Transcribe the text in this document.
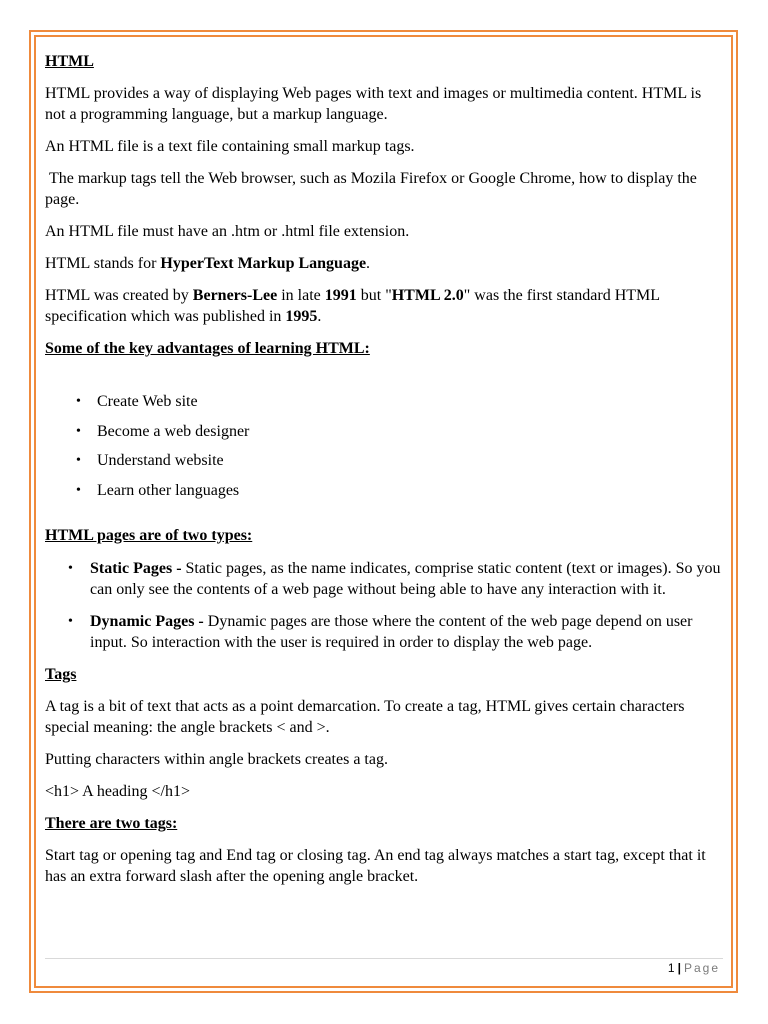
HTML

HTML provides a way of displaying Web pages with text and images or multimedia content. HTML is not a programming language, but a markup language.

An HTML file is a text file containing small markup tags.

The markup tags tell the Web browser, such as Mozila Firefox or Google Chrome, how to display the page.

An HTML file must have an .htm or .html file extension.

HTML stands for HyperText Markup Language.

HTML was created by Berners-Lee in late 1991 but "HTML 2.0" was the first standard HTML specification which was published in 1995.

Some of the key advantages of learning HTML:

• Create Web site
• Become a web designer
• Understand website
• Learn other languages
HTML pages are of two types:
• Static Pages - Static pages, as the name indicates, comprise static content (text or images). So you can only see the contents of a web page without being able to have any interaction with it.
• Dynamic Pages - Dynamic pages are those where the content of the web page depend on user input. So interaction with the user is required in order to display the web page.
Tags

A tag is a bit of text that acts as a point demarcation. To create a tag, HTML gives certain characters special meaning: the angle brackets < and >.

Putting characters within angle brackets creates a tag.

<h1> A heading </h1>

There are two tags:

Start tag or opening tag and End tag or closing tag. An end tag always matches a start tag, except that it has an extra forward slash after the opening angle bracket.

1 | Page
